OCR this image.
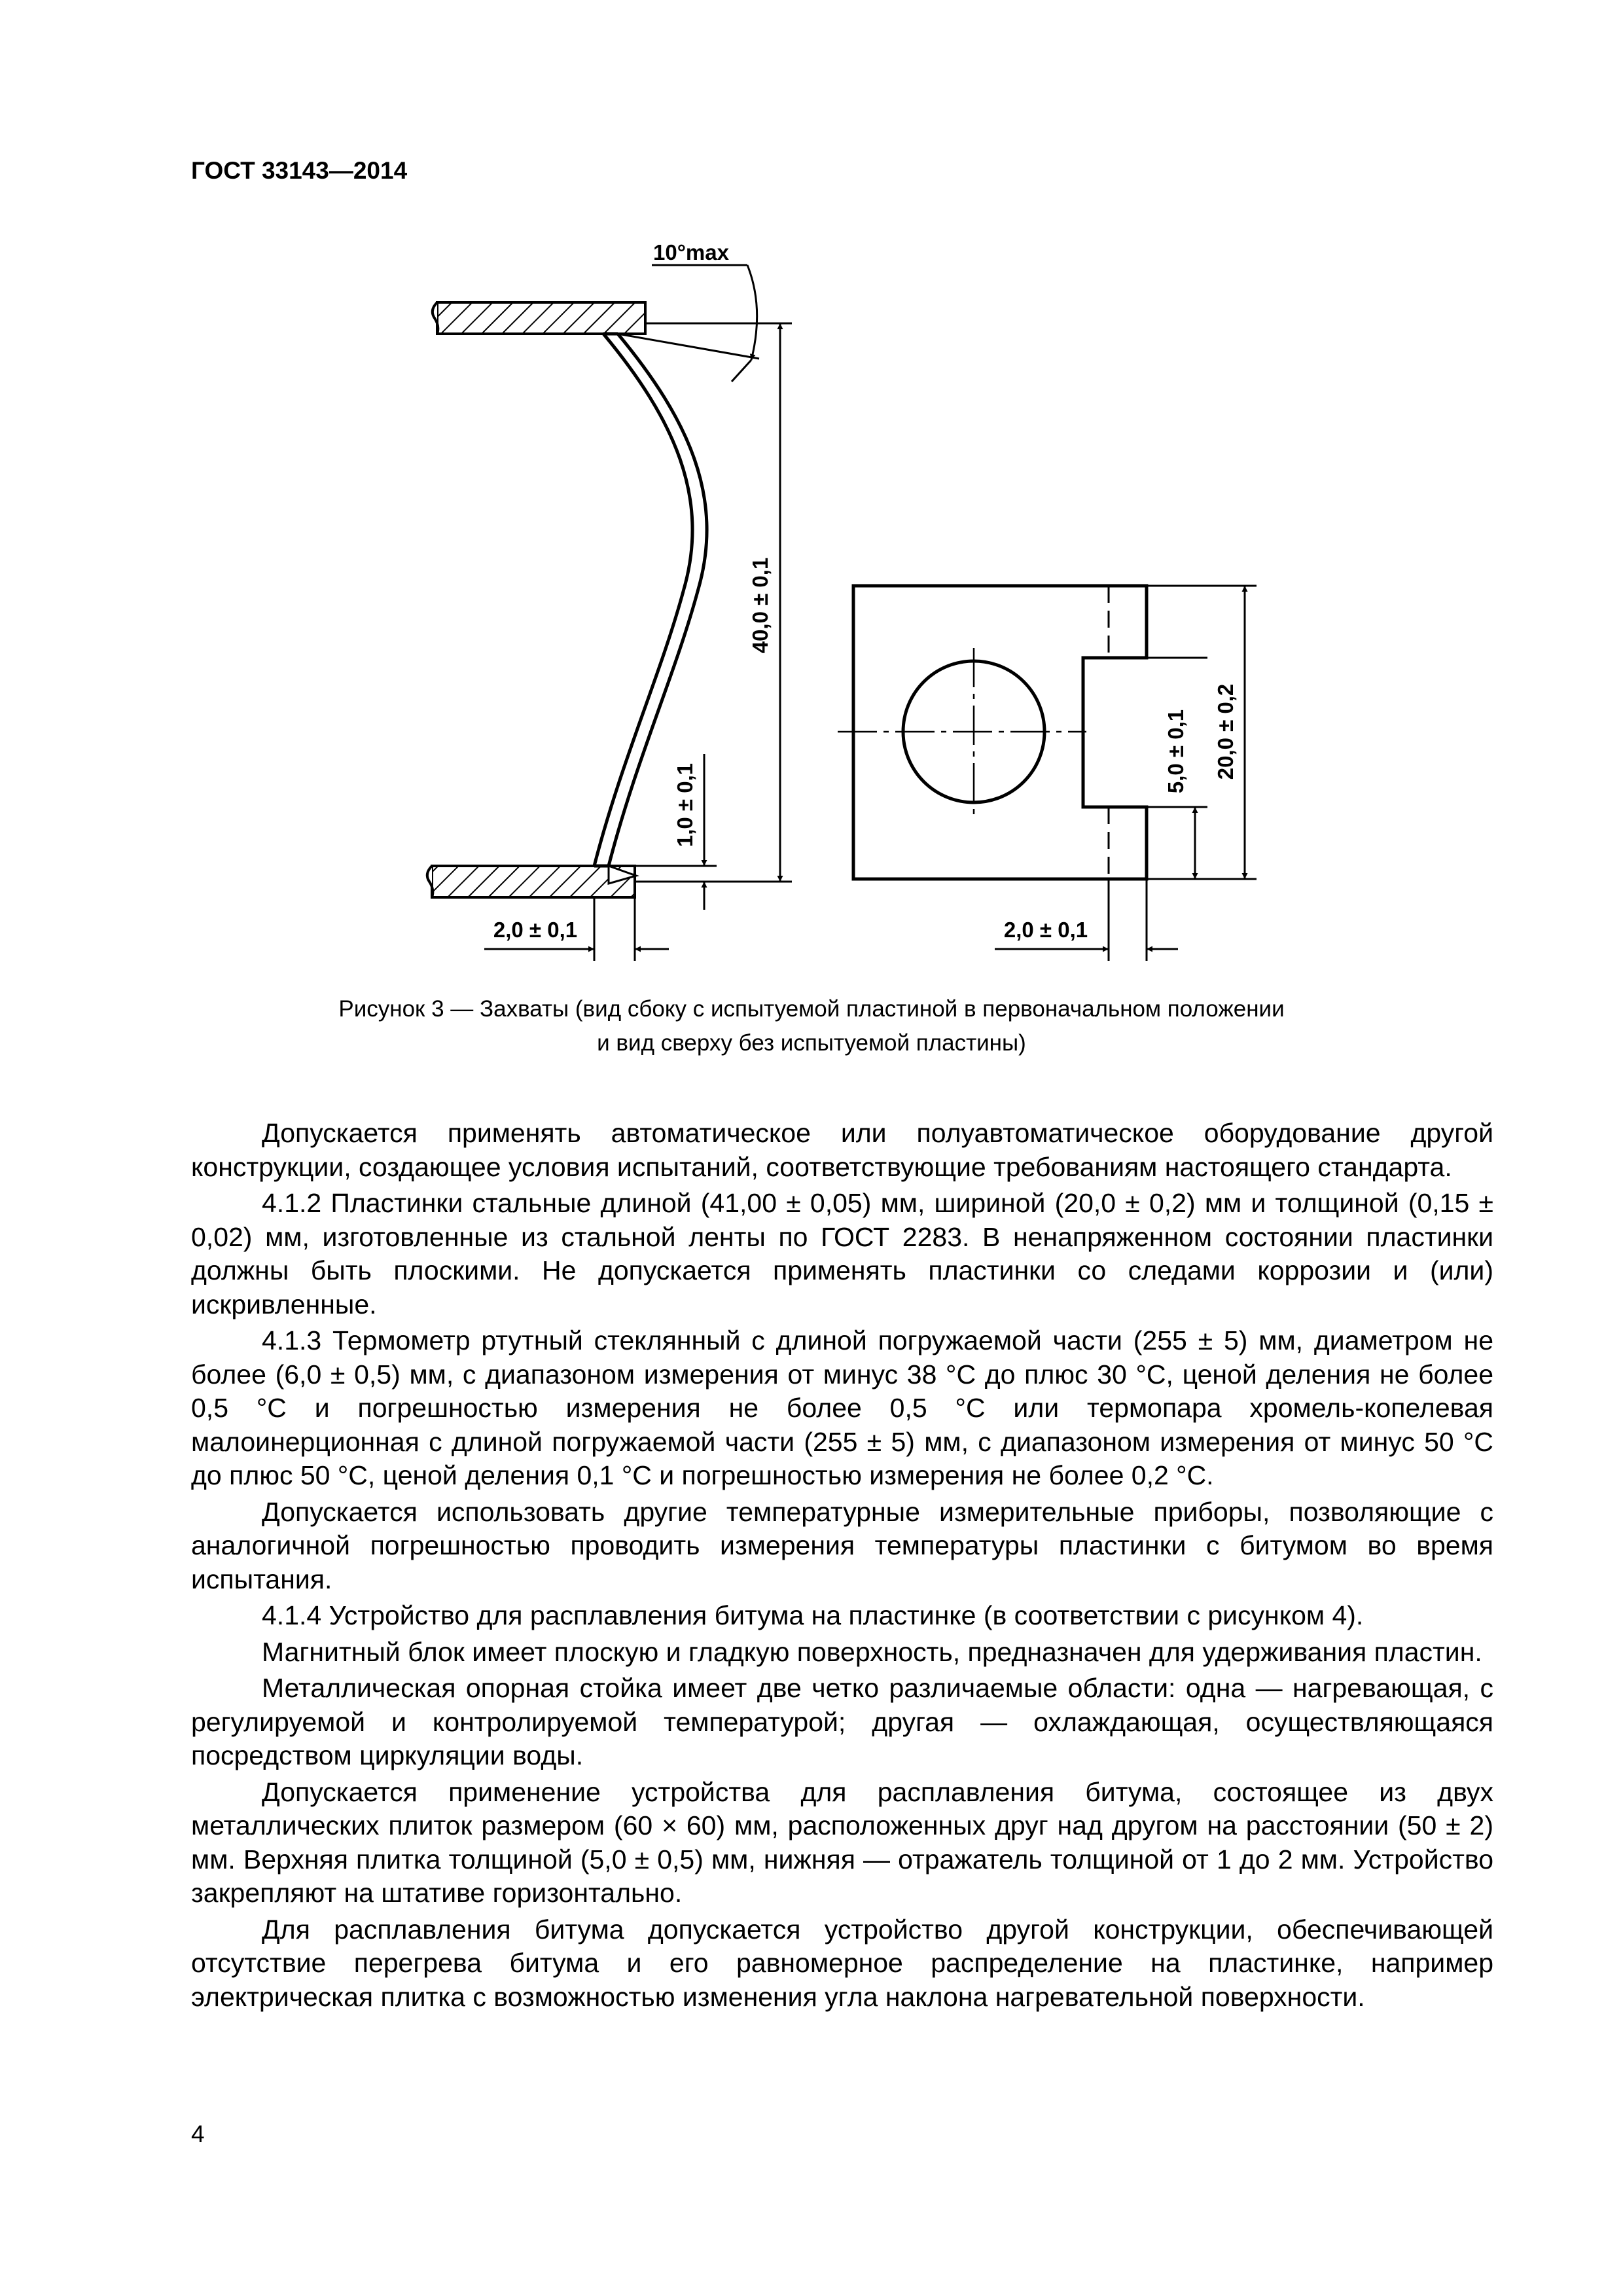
ГОСТ 33143—2014
10°max
40,0 ± 0,1
1,0 ± 0,1
2,0 ± 0,1
5,0 ± 0,1 20,0 ± 0,2
2,0 ± 0,1
Рисунок 3 — Захваты (вид сбоку с испытуемой пластиной в первоначальном положении
и вид сверху без испытуемой пластины)

Допускается применять автоматическое или полуавтоматическое оборудование другой конструкции, создающее условия испытаний, соответствующие требованиям настоящего стандарта.

4.1.2 Пластинки стальные длиной (41,00 ± 0,05) мм, шириной (20,0 ± 0,2) мм и толщиной (0,15 ± 0,02) мм, изготовленные из стальной ленты по ГОСТ 2283. В ненапряженном состоянии пластинки должны быть плоскими. Не допускается применять пластинки со следами коррозии и (или) искривленные.

4.1.3 Термометр ртутный стеклянный с длиной погружаемой части (255 ± 5) мм, диаметром не более (6,0 ± 0,5) мм, с диапазоном измерения от минус 38 °С до плюс 30 °С, ценой деления не более 0,5 °С и погрешностью измерения не более 0,5 °С или термопара хромель-копелевая малоинерционная с длиной погружаемой части (255 ± 5) мм, с диапазоном измерения от минус 50 °С до плюс 50 °С, ценой деления 0,1 °С и погрешностью измерения не более 0,2 °С.

Допускается использовать другие температурные измерительные приборы, позволяющие с аналогичной погрешностью проводить измерения температуры пластинки с битумом во время испытания.

4.1.4 Устройство для расплавления битума на пластинке (в соответствии с рисунком 4).

Магнитный блок имеет плоскую и гладкую поверхность, предназначен для удерживания пластин.

Металлическая опорная стойка имеет две четко различаемые области: одна — нагревающая, с регулируемой и контролируемой температурой; другая — охлаждающая, осуществляющаяся посредством циркуляции воды.

Допускается применение устройства для расплавления битума, состоящее из двух металлических плиток размером (60 × 60) мм, расположенных друг над другом на расстоянии (50 ± 2) мм. Верхняя плитка толщиной (5,0 ± 0,5) мм, нижняя — отражатель толщиной от 1 до 2 мм. Устройство закрепляют на штативе горизонтально.

Для расплавления битума допускается устройство другой конструкции, обеспечивающей отсутствие перегрева битума и его равномерное распределение на пластинке, например электрическая плитка с возможностью изменения угла наклона нагревательной поверхности.

4
